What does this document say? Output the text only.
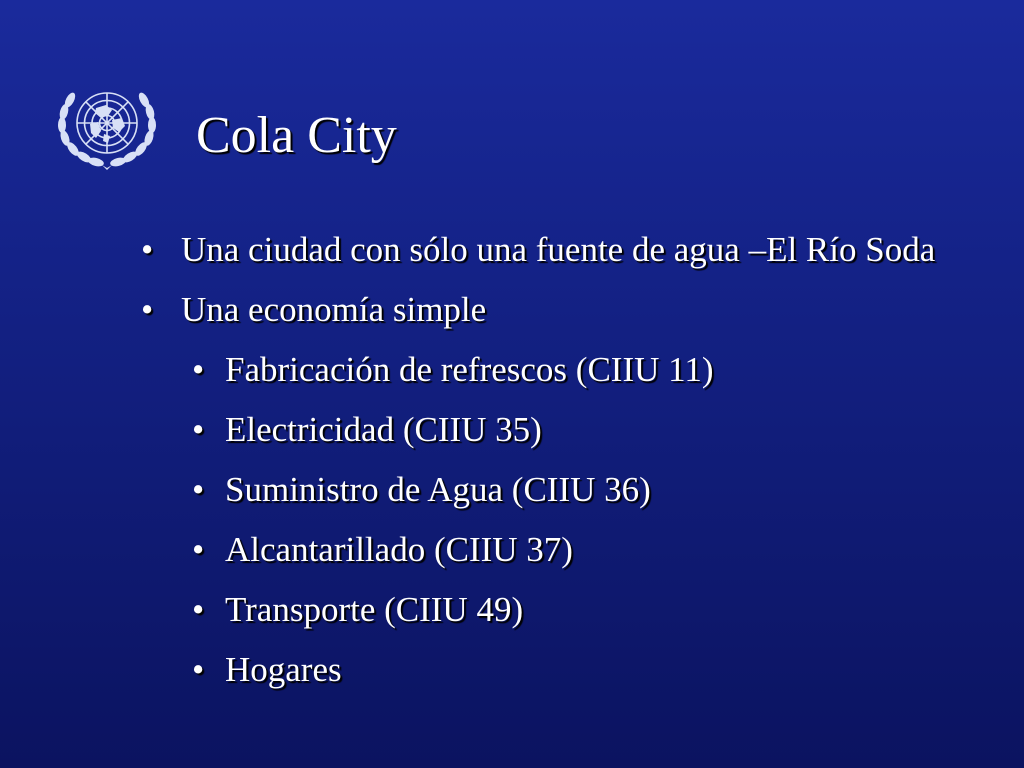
Cola City
• Una ciudad con sólo una fuente de agua –El Río Soda
• Una economía simple
• Fabricación de refrescos (CIIU 11)
• Electricidad (CIIU 35)
• Suministro de Agua (CIIU 36)
• Alcantarillado (CIIU 37)
• Transporte (CIIU 49)
• Hogares
